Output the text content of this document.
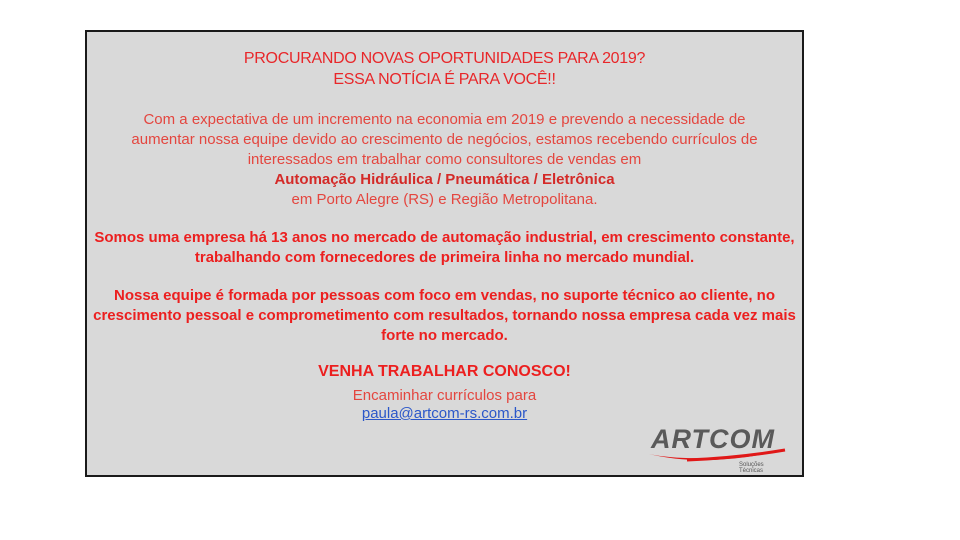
PROCURANDO NOVAS OPORTUNIDADES PARA 2019?
ESSA NOTÍCIA É PARA VOCÊ!!
Com a expectativa de um incremento na economia em 2019 e prevendo a necessidade de
aumentar nossa equipe devido ao crescimento de negócios, estamos recebendo currículos de
interessados em trabalhar como consultores de vendas em
Automação Hidráulica / Pneumática / Eletrônica
em Porto Alegre (RS) e Região Metropolitana.
Somos uma empresa há 13 anos no mercado de automação industrial, em crescimento constante,
trabalhando com fornecedores de primeira linha no mercado mundial.
Nossa equipe é formada por pessoas com foco em vendas, no suporte técnico ao cliente, no
crescimento pessoal e comprometimento com resultados, tornando nossa empresa cada vez mais
forte no mercado.
VENHA TRABALHAR CONOSCO!
Encaminhar currículos para
paula@artcom-rs.com.br
ARTCOM
Soluções Técnicas
